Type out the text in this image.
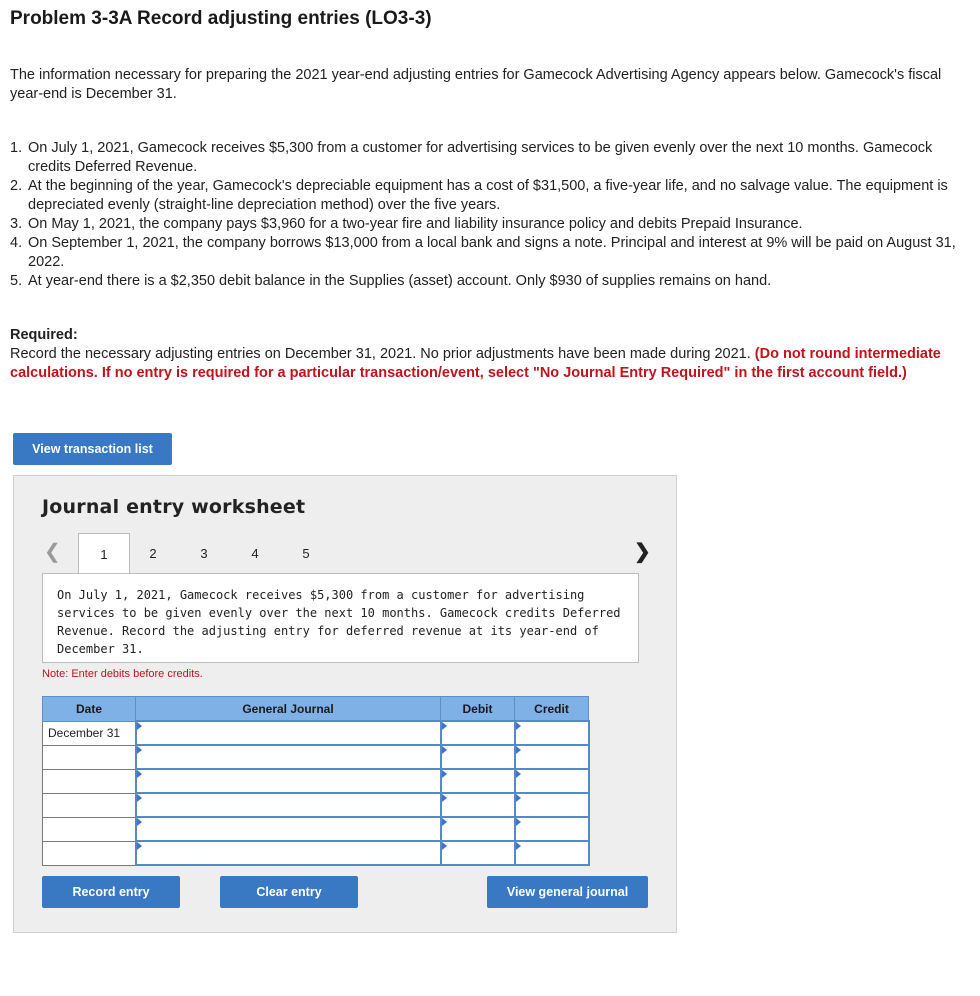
Problem 3-3A Record adjusting entries (LO3-3)

The information necessary for preparing the 2021 year-end adjusting entries for Gamecock Advertising Agency appears below. Gamecock's fiscal year-end is December 31.

1. On July 1, 2021, Gamecock receives $5,300 from a customer for advertising services to be given evenly over the next 10 months. Gamecock credits Deferred Revenue.
2. At the beginning of the year, Gamecock's depreciable equipment has a cost of $31,500, a five-year life, and no salvage value. The equipment is depreciated evenly (straight-line depreciation method) over the five years.
3. On May 1, 2021, the company pays $3,960 for a two-year fire and liability insurance policy and debits Prepaid Insurance.
4. On September 1, 2021, the company borrows $13,000 from a local bank and signs a note. Principal and interest at 9% will be paid on August 31, 2022.
5. At year-end there is a $2,350 debit balance in the Supplies (asset) account. Only $930 of supplies remains on hand.
Required:
Record the necessary adjusting entries on December 31, 2021. No prior adjustments have been made during 2021. (Do not round intermediate calculations. If no entry is required for a particular transaction/event, select "No Journal Entry Required" in the first account field.)
View transaction list
Journal entry worksheet
❮	1	2	3	4	5	❯
On July 1, 2021, Gamecock receives $5,300 from a customer for advertising services to be given evenly over the next 10 months. Gamecock credits Deferred Revenue. Record the adjusting entry for deferred revenue at its year-end of December 31.
Note: Enter debits before credits.
Date	General Journal	Debit	Credit
December 31			

Record entry	Clear entry	View general journal
